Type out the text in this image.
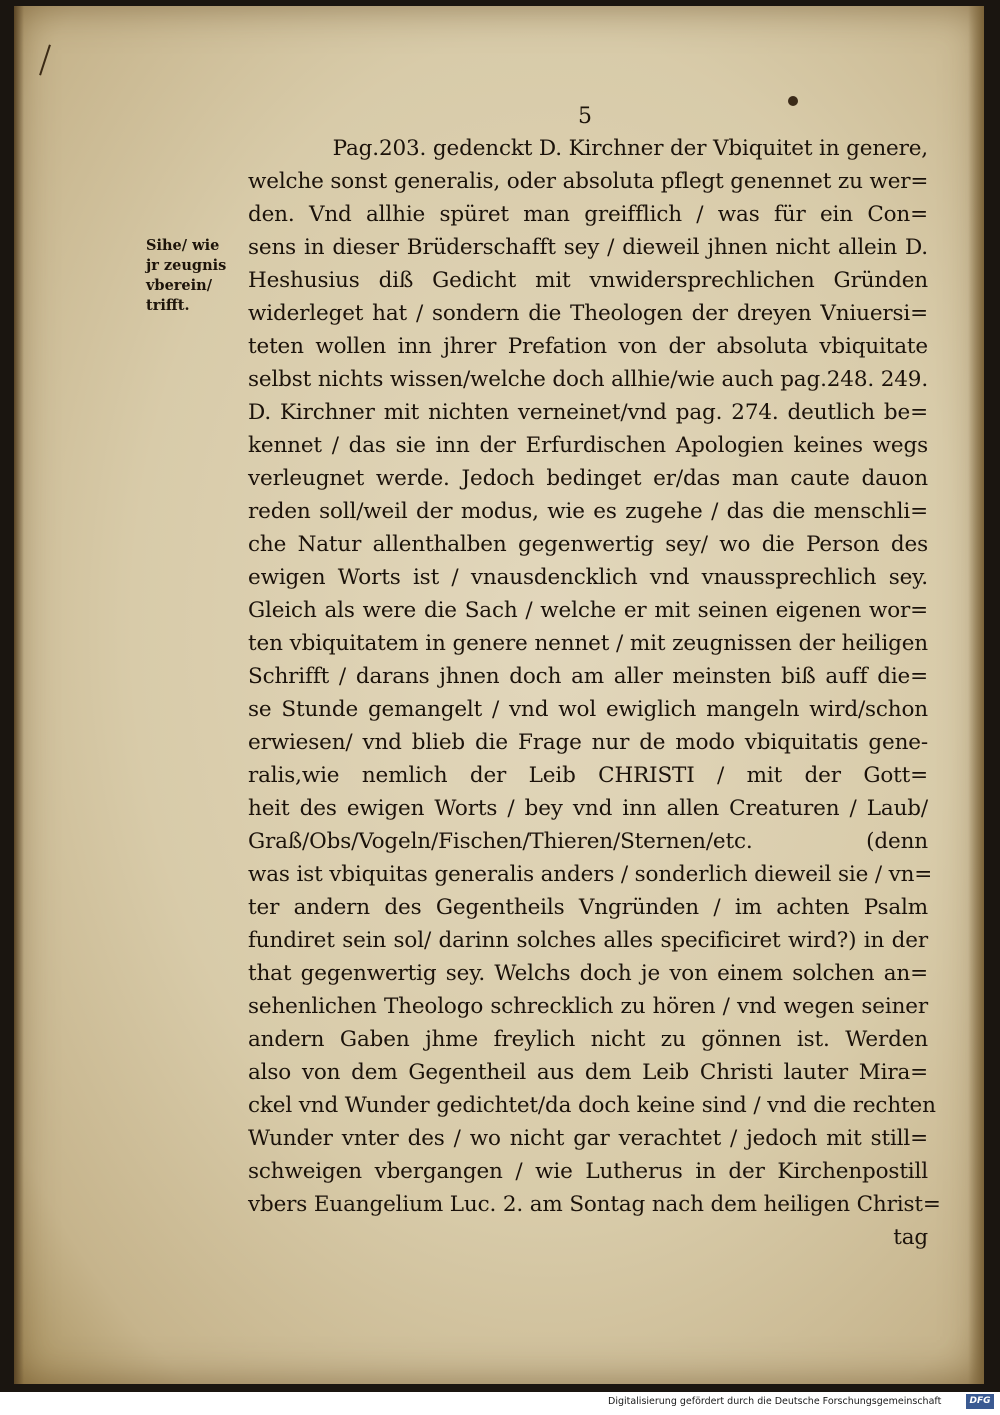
5
Sihe/ wie
jr zeugnis
vberein/
trifft.
Pag.203. gedenckt D. Kirchner der Vbiquitet in genere,
welche sonst generalis, oder absoluta pflegt genennet zu wer=
den. Vnd allhie spüret man greifflich / was für ein Con=
sens in dieser Brüderschafft sey / dieweil jhnen nicht allein D.
Heshusius diß Gedicht mit vnwidersprechlichen Gründen
widerleget hat / sondern die Theologen der dreyen Vniuersi=
teten wollen inn jhrer Prefation von der absoluta vbiquitate
selbst nichts wissen/welche doch allhie/wie auch pag.248. 249.
D. Kirchner mit nichten verneinet/vnd pag. 274. deutlich be=
kennet / das sie inn der Erfurdischen Apologien keines wegs
verleugnet werde. Jedoch bedinget er/das man caute dauon
reden soll/weil der modus, wie es zugehe / das die menschli=
che Natur allenthalben gegenwertig sey/ wo die Person des
ewigen Worts ist / vnausdencklich vnd vnaussprechlich sey.
Gleich als were die Sach / welche er mit seinen eigenen wor=
ten vbiquitatem in genere nennet / mit zeugnissen der heiligen
Schrifft / darans jhnen doch am aller meinsten biß auff die=
se Stunde gemangelt / vnd wol ewiglich mangeln wird/schon
erwiesen/ vnd blieb die Frage nur de modo vbiquitatis gene-
ralis,wie nemlich der Leib CHRISTI / mit der Gott=
heit des ewigen Worts / bey vnd inn allen Creaturen / Laub/
Graß/Obs/Vogeln/Fischen/Thieren/Sternen/etc. (denn
was ist vbiquitas generalis anders / sonderlich dieweil sie / vn=
ter andern des Gegentheils Vngründen / im achten Psalm
fundiret sein sol/ darinn solches alles specificiret wird?) in der
that gegenwertig sey. Welchs doch je von einem solchen an=
sehenlichen Theologo schrecklich zu hören / vnd wegen seiner
andern Gaben jhme freylich nicht zu gönnen ist. Werden
also von dem Gegentheil aus dem Leib Christi lauter Mira=
ckel vnd Wunder gedichtet/da doch keine sind / vnd die rechten
Wunder vnter des / wo nicht gar verachtet / jedoch mit still=
schweigen vbergangen / wie Lutherus in der Kirchenpostill
vbers Euangelium Luc. 2. am Sontag nach dem heiligen Christ=
tag
Digitalisierung gefördert durch die Deutsche Forschungsgemeinschaft	DFG
